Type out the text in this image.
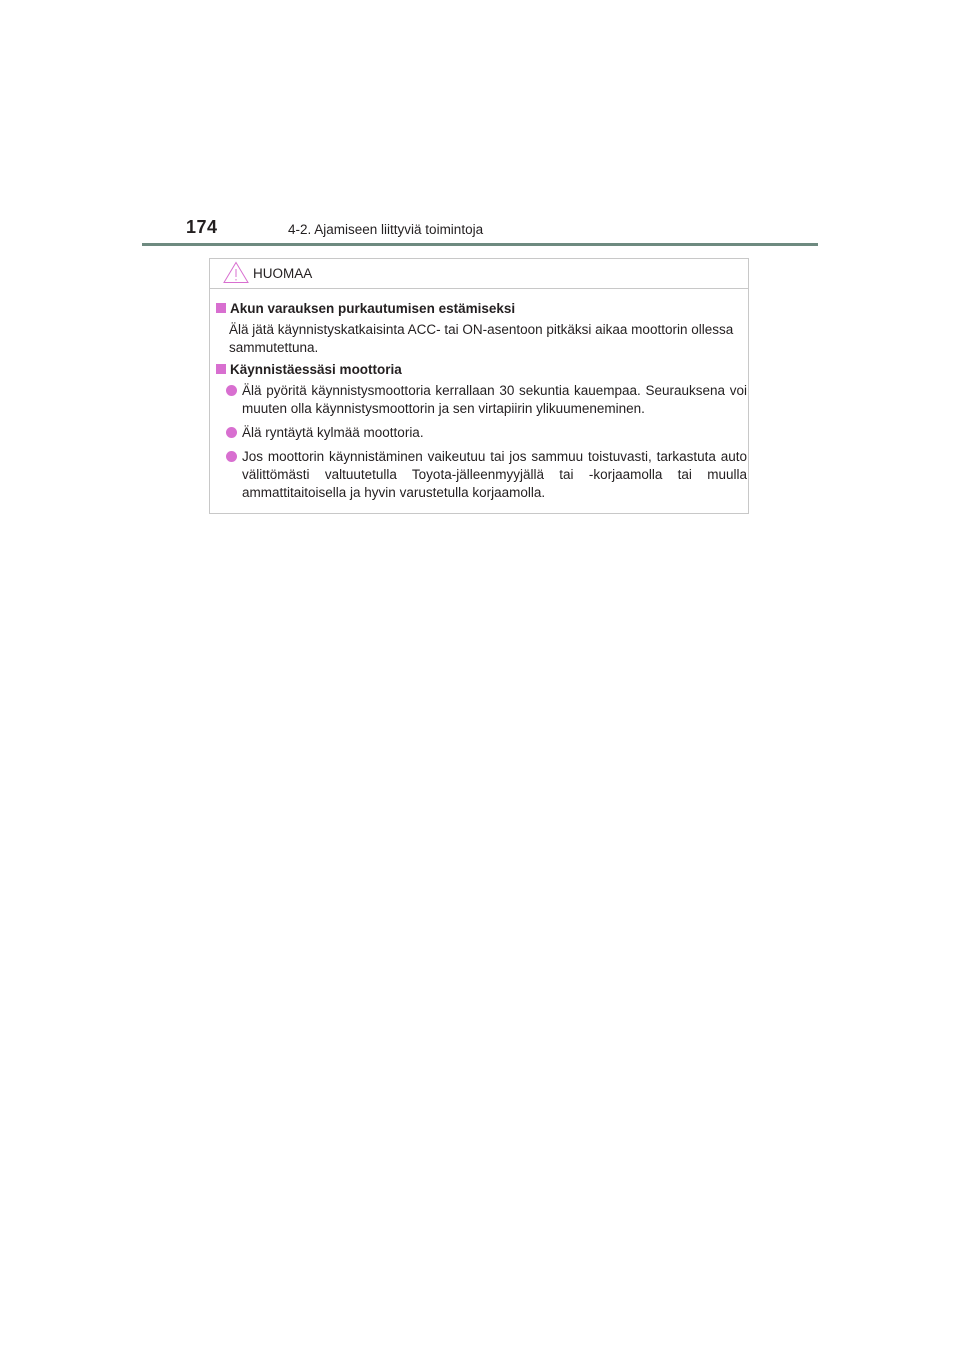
174	4-2. Ajamiseen liittyviä toimintoja
HUOMAA
Akun varauksen purkautumisen estämiseksi
Älä jätä käynnistyskatkaisinta ACC- tai ON-asentoon pitkäksi aikaa moottorin ollessa sammutettuna.
Käynnistäessäsi moottoria
Älä pyöritä käynnistysmoottoria kerrallaan 30 sekuntia kauempaa. Seurauksena voi muuten olla käynnistysmoottorin ja sen virtapiirin ylikuumeneminen.
Älä ryntäytä kylmää moottoria.
Jos moottorin käynnistäminen vaikeutuu tai jos sammuu toistuvasti, tarkastuta auto välittömästi valtuutetulla Toyota-jälleenmyyjällä tai -korjaamolla tai muulla ammattitaitoisella ja hyvin varustetulla korjaamolla.
